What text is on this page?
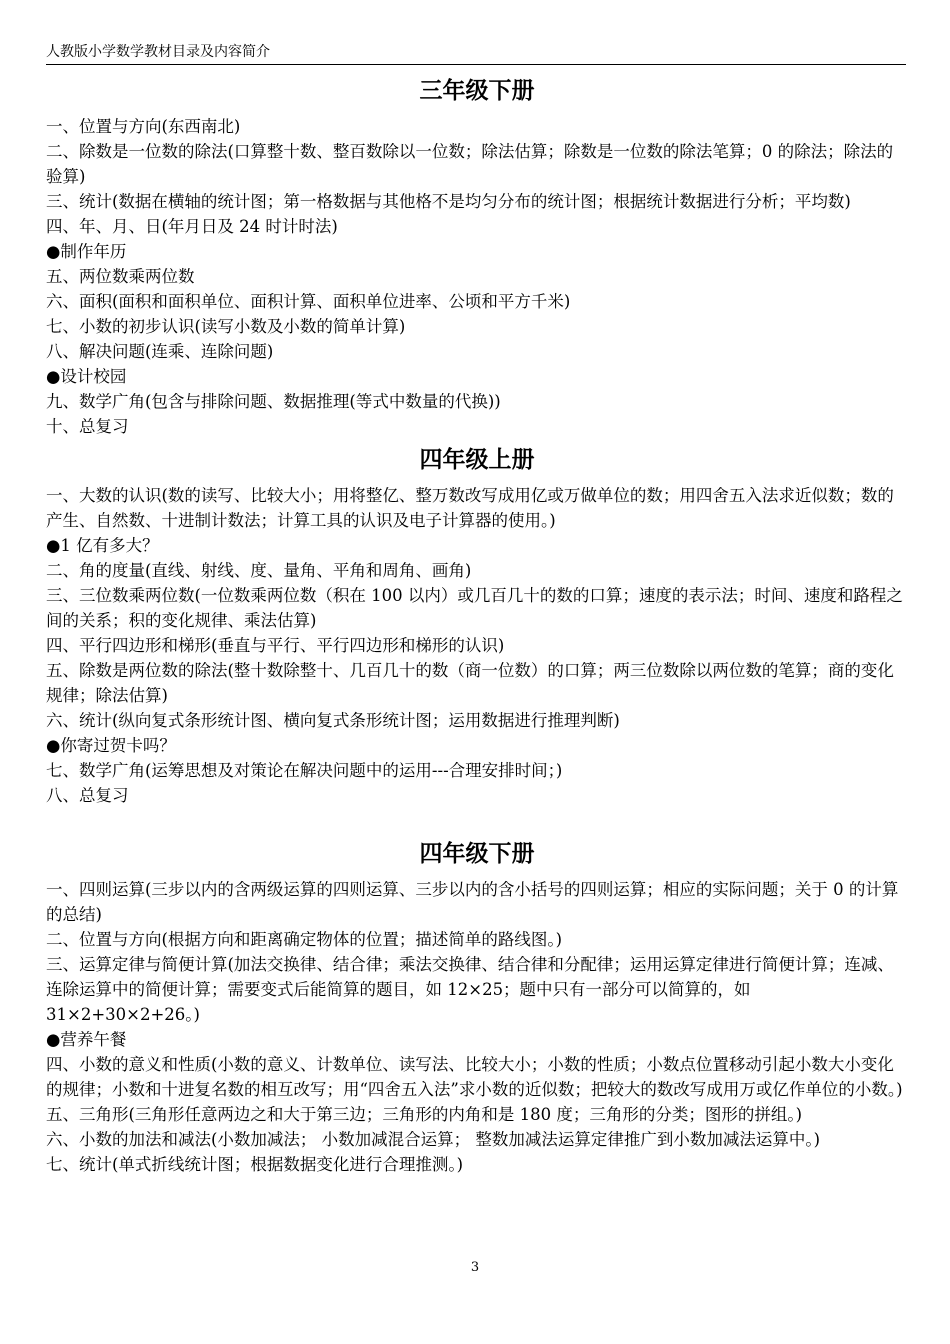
人教版小学数学教材目录及内容简介
三年级下册
一、位置与方向(东西南北)
二、除数是一位数的除法(口算整十数、整百数除以一位数；除法估算；除数是一位数的除法笔算；0 的除法；除法的验算)
三、统计(数据在横轴的统计图；第一格数据与其他格不是均匀分布的统计图；根据统计数据进行分析；平均数)
四、年、月、日(年月日及 24 时计时法)
●制作年历
五、两位数乘两位数
六、面积(面积和面积单位、面积计算、面积单位进率、公顷和平方千米)
七、小数的初步认识(读写小数及小数的简单计算)
八、解决问题(连乘、连除问题)
●设计校园
九、数学广角(包含与排除问题、数据推理(等式中数量的代换))
十、总复习
四年级上册
一、大数的认识(数的读写、比较大小；用将整亿、整万数改写成用亿或万做单位的数；用四舍五入法求近似数；数的产生、自然数、十进制计数法；计算工具的认识及电子计算器的使用。)
●1 亿有多大？
二、角的度量(直线、射线、度、量角、平角和周角、画角)
三、三位数乘两位数(一位数乘两位数（积在 100 以内）或几百几十的数的口算；速度的表示法；时间、速度和路程之间的关系；积的变化规律、乘法估算)
四、平行四边形和梯形(垂直与平行、平行四边形和梯形的认识)
五、除数是两位数的除法(整十数除整十、几百几十的数（商一位数）的口算；两三位数除以两位数的笔算；商的变化规律；除法估算)
六、统计(纵向复式条形统计图、横向复式条形统计图；运用数据进行推理判断)
●你寄过贺卡吗？
七、数学广角(运筹思想及对策论在解决问题中的运用---合理安排时间；)
八、总复习
四年级下册
一、四则运算(三步以内的含两级运算的四则运算、三步以内的含小括号的四则运算；相应的实际问题；关于 0 的计算的总结)
二、位置与方向(根据方向和距离确定物体的位置；描述简单的路线图。)
三、运算定律与简便计算(加法交换律、结合律；乘法交换律、结合律和分配律；运用运算定律进行简便计算；连减、连除运算中的简便计算；需要变式后能简算的题目，如 12×25；题中只有一部分可以简算的，如 31×2+30×2+26。)
●营养午餐
四、小数的意义和性质(小数的意义、计数单位、读写法、比较大小；小数的性质；小数点位置移动引起小数大小变化的规律；小数和十进复名数的相互改写；用“四舍五入法”求小数的近似数；把较大的数改写成用万或亿作单位的小数。)
五、三角形(三角形任意两边之和大于第三边；三角形的内角和是 180 度；三角形的分类；图形的拼组。)
六、小数的加法和减法(小数加减法； 小数加减混合运算； 整数加减法运算定律推广到小数加减法运算中。)
七、统计(单式折线统计图；根据数据变化进行合理推测。)
3
